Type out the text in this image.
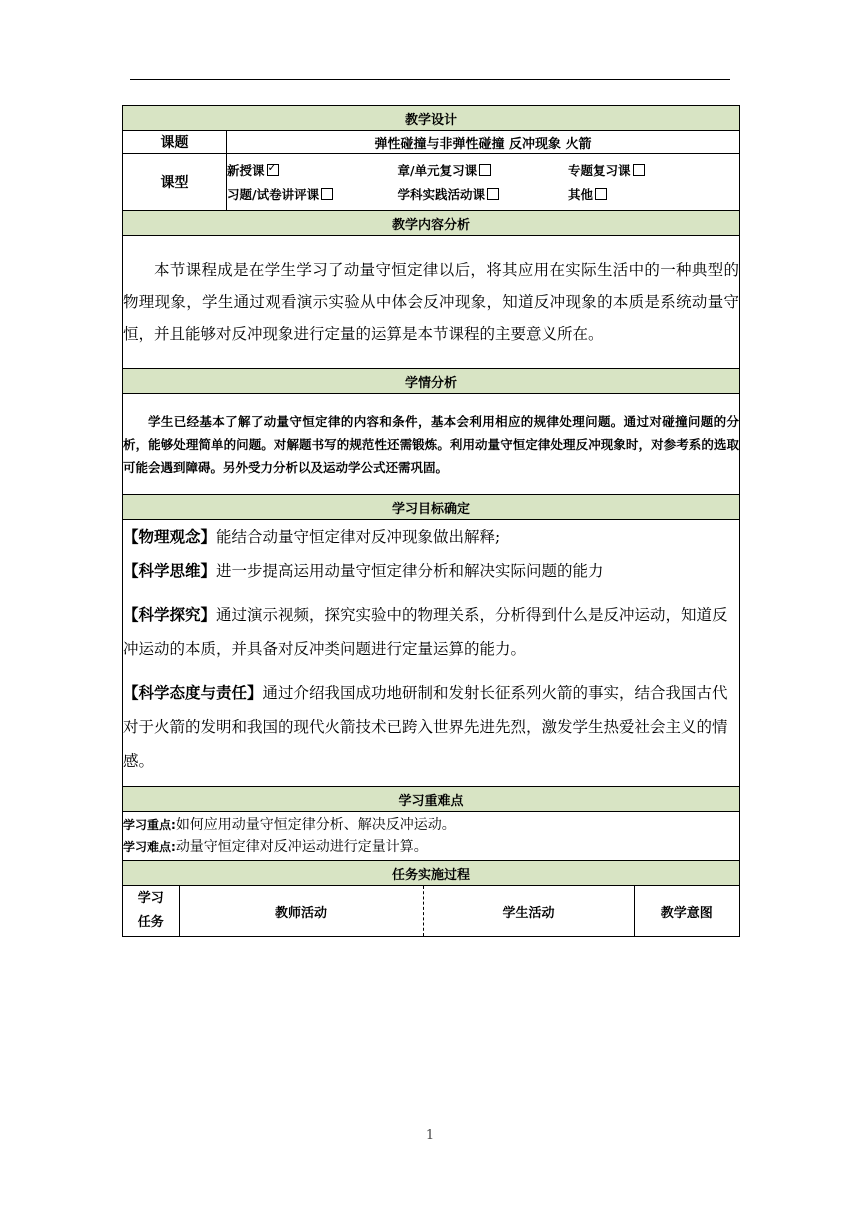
教学设计
课题	弹性碰撞与非弹性碰撞 反冲现象 火箭
课型	
新授课
✓	章/单元复习课	专题复习课
习题/试卷讲评课	学科实践活动课	其他

教学内容分析
本节课程成是在学生学习了动量守恒定律以后，将其应用在实际生活中的一种典型的物理现象，学生通过观看演示实验从中体会反冲现象，知道反冲现象的本质是系统动量守恒，并且能够对反冲现象进行定量的运算是本节课程的主要意义所在。
学情分析
学生已经基本了解了动量守恒定律的内容和条件，基本会利用相应的规律处理问题。通过对碰撞问题的分析，能够处理简单的问题。对解题书写的规范性还需锻炼。利用动量守恒定律处理反冲现象时，对参考系的选取可能会遇到障碍。另外受力分析以及运动学公式还需巩固。
学习目标确定

【物理观念】能结合动量守恒定律对反冲现象做出解释;

【科学思维】进一步提高运用动量守恒定律分析和解决实际问题的能力

【科学探究】通过演示视频，探究实验中的物理关系，分析得到什么是反冲运动，知道反冲运动的本质，并具备对反冲类问题进行定量运算的能力。

【科学态度与责任】通过介绍我国成功地研制和发射长征系列火箭的事实，结合我国古代对于火箭的发明和我国的现代火箭技术已跨入世界先进先烈，激发学生热爱社会主义的情感。

学习重难点

学习重点:如何应用动量守恒定律分析、解决反冲运动。
学习难点:动量守恒定律对反冲运动进行定量计算。

任务实施过程

学习
任务
	教师活动	学生活动	教学意图
1
